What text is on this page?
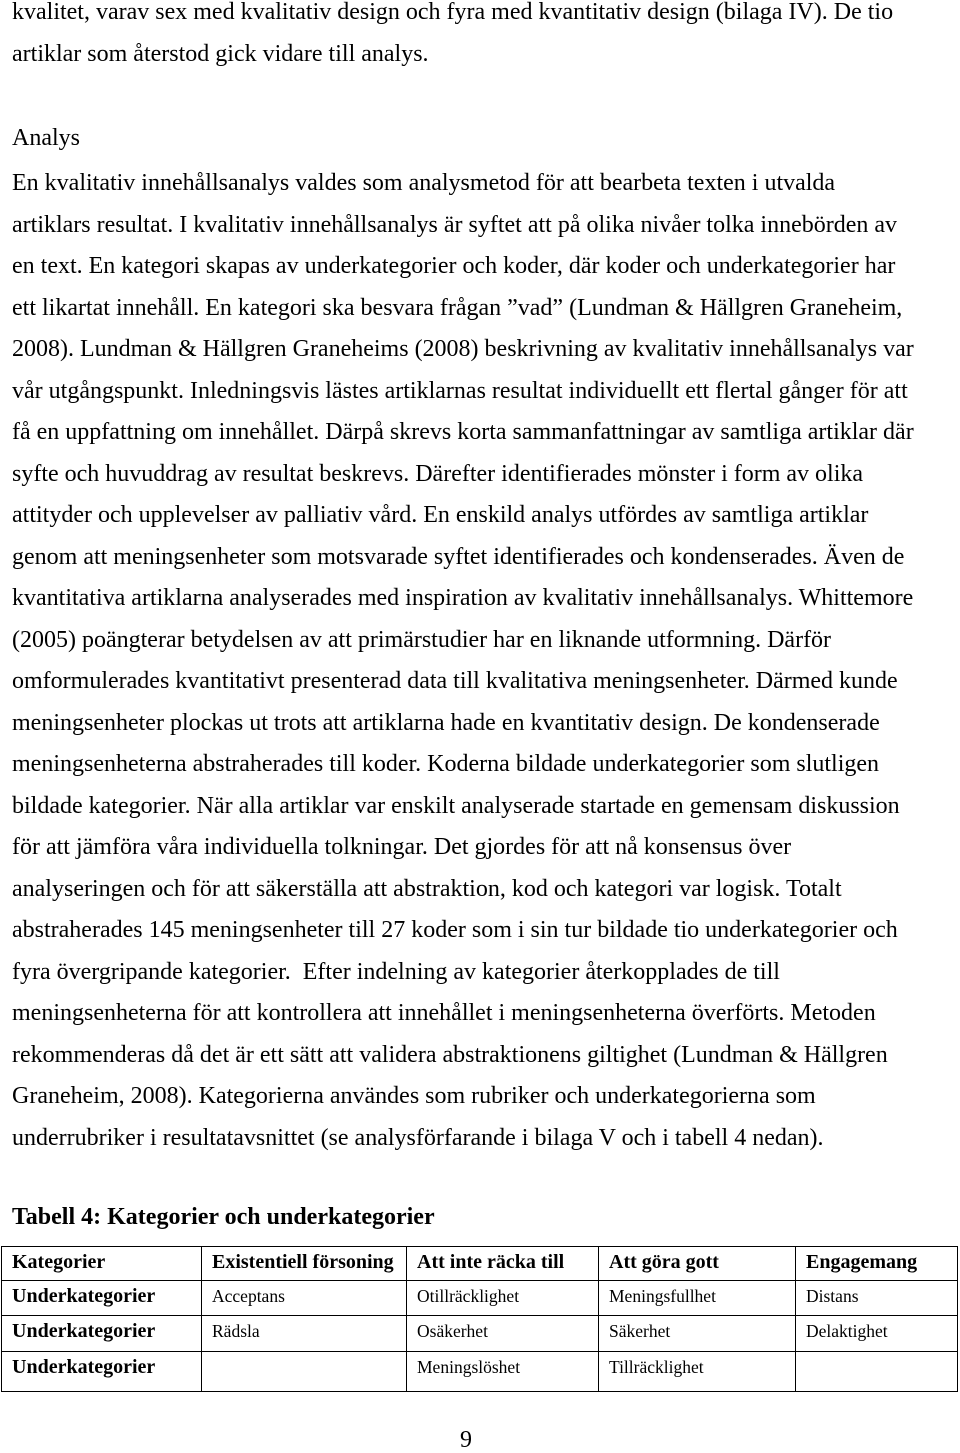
kvalitet, varav sex med kvalitativ design och fyra med kvantitativ design (bilaga IV). De tio
artiklar som återstod gick vidare till analys.
Analys
En kvalitativ innehållsanalys valdes som analysmetod för att bearbeta texten i utvalda
artiklars resultat. I kvalitativ innehållsanalys är syftet att på olika nivåer tolka innebörden av
en text. En kategori skapas av underkategorier och koder, där koder och underkategorier har
ett likartat innehåll. En kategori ska besvara frågan ”vad” (Lundman & Hällgren Graneheim,
2008). Lundman & Hällgren Graneheims (2008) beskrivning av kvalitativ innehållsanalys var
vår utgångspunkt. Inledningsvis lästes artiklarnas resultat individuellt ett flertal gånger för att
få en uppfattning om innehållet. Därpå skrevs korta sammanfattningar av samtliga artiklar där
syfte och huvuddrag av resultat beskrevs. Därefter identifierades mönster i form av olika
attityder och upplevelser av palliativ vård. En enskild analys utfördes av samtliga artiklar
genom att meningsenheter som motsvarade syftet identifierades och kondenserades. Även de
kvantitativa artiklarna analyserades med inspiration av kvalitativ innehållsanalys. Whittemore
(2005) poängterar betydelsen av att primärstudier har en liknande utformning. Därför
omformulerades kvantitativt presenterad data till kvalitativa meningsenheter. Därmed kunde
meningsenheter plockas ut trots att artiklarna hade en kvantitativ design. De kondenserade
meningsenheterna abstraherades till koder. Koderna bildade underkategorier som slutligen
bildade kategorier. När alla artiklar var enskilt analyserade startade en gemensam diskussion
för att jämföra våra individuella tolkningar. Det gjordes för att nå konsensus över
analyseringen och för att säkerställa att abstraktion, kod och kategori var logisk. Totalt
abstraherades 145 meningsenheter till 27 koder som i sin tur bildade tio underkategorier och
fyra övergripande kategorier.  Efter indelning av kategorier återkopplades de till
meningsenheterna för att kontrollera att innehållet i meningsenheterna överförts. Metoden
rekommenderas då det är ett sätt att validera abstraktionens giltighet (Lundman & Hällgren
Graneheim, 2008). Kategorierna användes som rubriker och underkategorierna som
underrubriker i resultatavsnittet (se analysförfarande i bilaga V och i tabell 4 nedan).
Tabell 4: Kategorier och underkategorier
Kategorier	Existentiell försoning	Att inte räcka till	Att göra gott	Engagemang
Underkategorier	Acceptans	Otillräcklighet	Meningsfullhet	Distans
Underkategorier	Rädsla	Osäkerhet	Säkerhet	Delaktighet
Underkategorier		Meningslöshet	Tillräcklighet	
9
